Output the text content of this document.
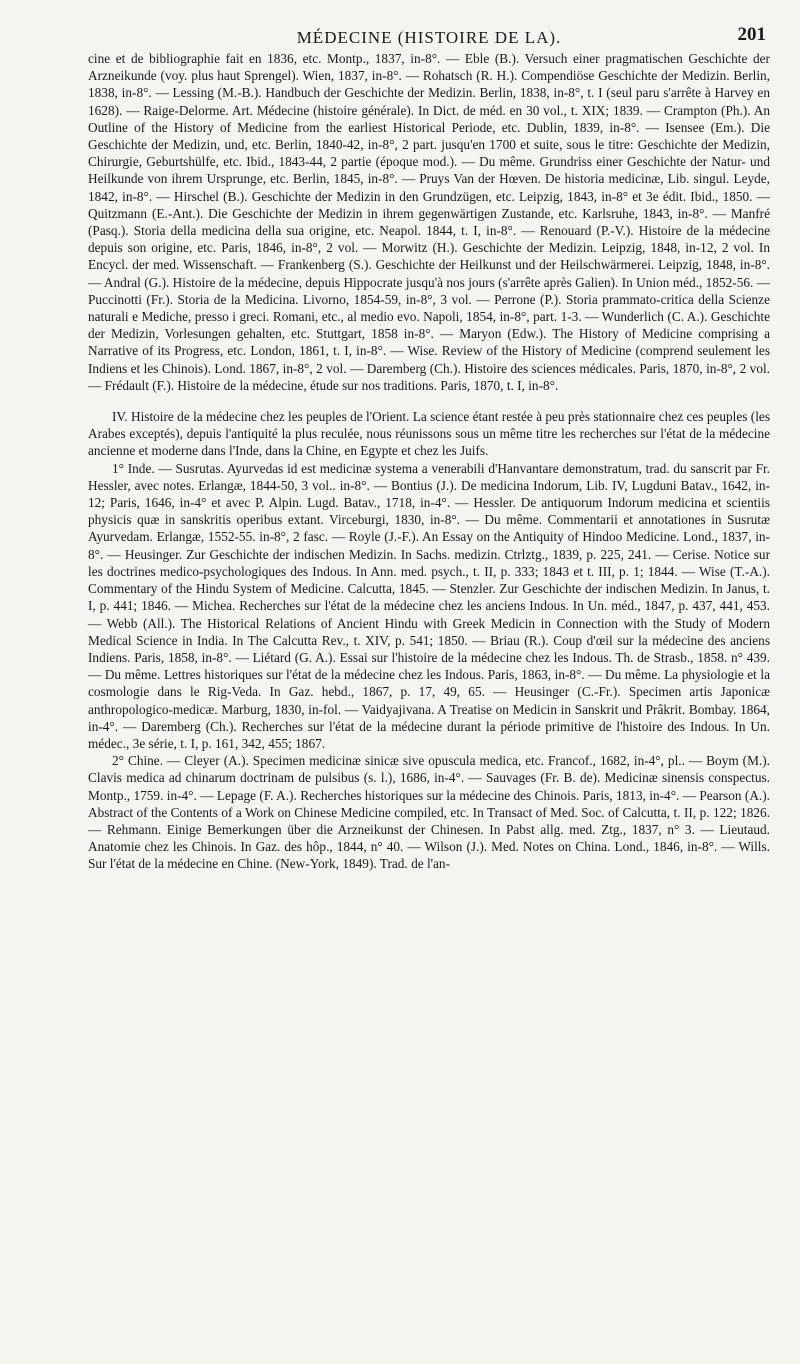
MÉDECINE (HISTOIRE DE LA).	201

cine et de bibliographie fait en 1836, etc. Montp., 1837, in-8°. — Eble (B.). Versuch einer pragmatischen Geschichte der Arzneikunde (voy. plus haut Sprengel). Wien, 1837, in-8°. — Rohatsch (R. H.). Compendiöse Geschichte der Medizin. Berlin, 1838, in-8°. — Lessing (M.-B.). Handbuch der Geschichte der Medizin. Berlin, 1838, in-8°, t. I (seul paru s'arrête à Harvey en 1628). — Raige-Delorme. Art. Médecine (histoire générale). In Dict. de méd. en 30 vol., t. XIX; 1839. — Crampton (Ph.). An Outline of the History of Medicine from the earliest Historical Periode, etc. Dublin, 1839, in-8°. — Isensee (Em.). Die Geschichte der Medizin, und, etc. Berlin, 1840-42, in-8°, 2 part. jusqu'en 1700 et suite, sous le titre: Geschichte der Medizin, Chirurgie, Geburtshülfe, etc. Ibid., 1843-44, 2 partie (époque mod.). — Du même. Grundriss einer Geschichte der Natur- und Heilkunde von ihrem Ursprunge, etc. Berlin, 1845, in-8°. — Pruys Van der Hœven. De historia medicinæ, Lib. singul. Leyde, 1842, in-8°. — Hirschel (B.). Geschichte der Medizin in den Grundzügen, etc. Leipzig, 1843, in-8° et 3e édit. Ibid., 1850. — Quitzmann (E.-Ant.). Die Geschichte der Medizin in ihrem gegenwärtigen Zustande, etc. Karlsruhe, 1843, in-8°. — Manfré (Pasq.). Storia della medicina della sua origine, etc. Neapol. 1844, t. I, in-8°. — Renouard (P.-V.). Histoire de la médecine depuis son origine, etc. Paris, 1846, in-8°, 2 vol. — Morwitz (H.). Geschichte der Medizin. Leipzig, 1848, in-12, 2 vol. In Encycl. der med. Wissenschaft. — Frankenberg (S.). Geschichte der Heilkunst und der Heilschwärmerei. Leipzig, 1848, in-8°. — Andral (G.). Histoire de la médecine, depuis Hippocrate jusqu'à nos jours (s'arrête après Galien). In Union méd., 1852-56. — Puccinotti (Fr.). Storia de la Medicina. Livorno, 1854-59, in-8°, 3 vol. — Perrone (P.). Storia prammato-critica della Scienze naturali e Mediche, presso i greci. Romani, etc., al medio evo. Napoli, 1854, in-8°, part. 1-3. — Wunderlich (C. A.). Geschichte der Medizin, Vorlesungen gehalten, etc. Stuttgart, 1858 in-8°. — Maryon (Edw.). The History of Medicine comprising a Narrative of its Progress, etc. London, 1861, t. I, in-8°. — Wise. Review of the History of Medicine (comprend seulement les Indiens et les Chinois). Lond. 1867, in-8°, 2 vol. — Daremberg (Ch.). Histoire des sciences médicales. Paris, 1870, in-8°, 2 vol. — Frédault (F.). Histoire de la médecine, étude sur nos traditions. Paris, 1870, t. I, in-8°.

IV. Histoire de la médecine chez les peuples de l'Orient. La science étant restée à peu près stationnaire chez ces peuples (les Arabes exceptés), depuis l'antiquité la plus reculée, nous réunissons sous un même titre les recherches sur l'état de la médecine ancienne et moderne dans l'Inde, dans la Chine, en Egypte et chez les Juifs.

1° Inde. — Susrutas. Ayurvedas id est medicinæ systema a venerabili d'Hanvantare demonstratum, trad. du sanscrit par Fr. Hessler, avec notes. Erlangæ, 1844-50, 3 vol.. in-8°. — Bontius (J.). De medicina Indorum, Lib. IV, Lugduni Batav., 1642, in-12; Paris, 1646, in-4° et avec P. Alpin. Lugd. Batav., 1718, in-4°. — Hessler. De antiquorum Indorum medicina et scientiis physicis quæ in sanskritis operibus extant. Virceburgi, 1830, in-8°. — Du même. Commentarii et annotationes in Susrutæ Ayurvedam. Erlangæ, 1552-55. in-8°, 2 fasc. — Royle (J.-F.). An Essay on the Antiquity of Hindoo Medicine. Lond., 1837, in-8°. — Heusinger. Zur Geschichte der indischen Medizin. In Sachs. medizin. Ctrlztg., 1839, p. 225, 241. — Cerise. Notice sur les doctrines medico-psychologiques des Indous. In Ann. med. psych., t. II, p. 333; 1843 et t. III, p. 1; 1844. — Wise (T.-A.). Commentary of the Hindu System of Medicine. Calcutta, 1845. — Stenzler. Zur Geschichte der indischen Medizin. In Janus, t. I, p. 441; 1846. — Michea. Recherches sur l'état de la médecine chez les anciens Indous. In Un. méd., 1847, p. 437, 441, 453. — Webb (All.). The Historical Relations of Ancient Hindu with Greek Medicin in Connection with the Study of Modern Medical Science in India. In The Calcutta Rev., t. XIV, p. 541; 1850. — Briau (R.). Coup d'œil sur la médecine des anciens Indiens. Paris, 1858, in-8°. — Liétard (G. A.). Essai sur l'histoire de la médecine chez les Indous. Th. de Strasb., 1858. n° 439. — Du même. Lettres historiques sur l'état de la médecine chez les Indous. Paris, 1863, in-8°. — Du même. La physiologie et la cosmologie dans le Rig-Veda. In Gaz. hebd., 1867, p. 17, 49, 65. — Heusinger (C.-Fr.). Specimen artis Japonicæ anthropologico-medicæ. Marburg, 1830, in-fol. — Vaidyajivana. A Treatise on Medicin in Sanskrit und Prâkrit. Bombay. 1864, in-4°. — Daremberg (Ch.). Recherches sur l'état de la médecine durant la période primitive de l'histoire des Indous. In Un. médec., 3e série, t. I, p. 161, 342, 455; 1867.

2° Chine. — Cleyer (A.). Specimen medicinæ sinicæ sive opuscula medica, etc. Francof., 1682, in-4°, pl.. — Boym (M.). Clavis medica ad chinarum doctrinam de pulsibus (s. l.), 1686, in-4°. — Sauvages (Fr. B. de). Medicinæ sinensis conspectus. Montp., 1759. in-4°. — Lepage (F. A.). Recherches historiques sur la médecine des Chinois. Paris, 1813, in-4°. — Pearson (A.). Abstract of the Contents of a Work on Chinese Medicine compiled, etc. In Transact of Med. Soc. of Calcutta, t. II, p. 122; 1826. — Rehmann. Einige Bemerkungen über die Arzneikunst der Chinesen. In Pabst allg. med. Ztg., 1837, n° 3. — Lieutaud. Anatomie chez les Chinois. In Gaz. des hôp., 1844, n° 40. — Wilson (J.). Med. Notes on China. Lond., 1846, in-8°. — Wills. Sur l'état de la médecine en Chine. (New-York, 1849). Trad. de l'an-
